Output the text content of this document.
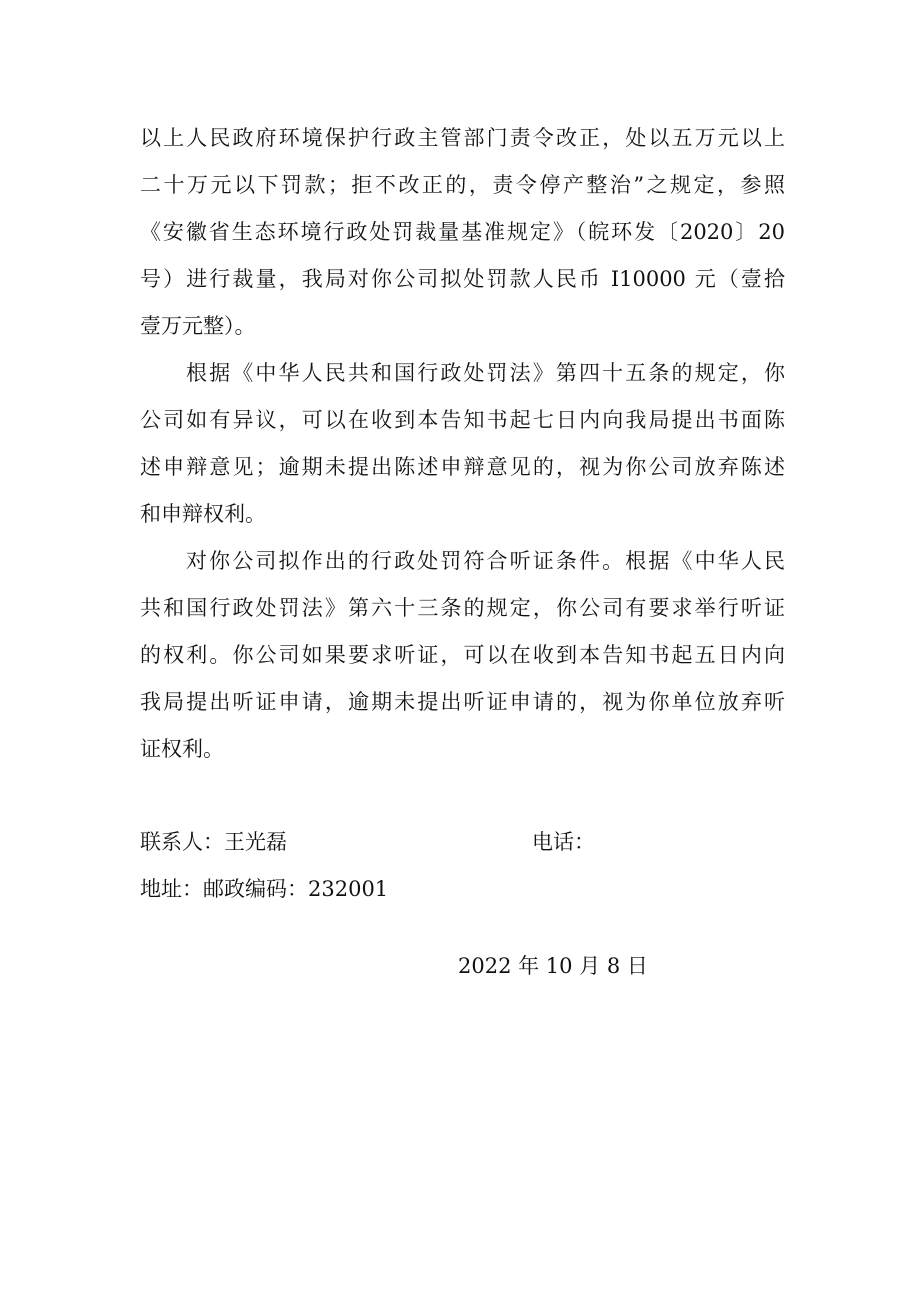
以上人民政府环境保护行政主管部门责令改正，处以五万元以上
二十万元以下罚款；拒不改正的，责令停产整治”之规定，参照
《安徽省生态环境行政处罚裁量基准规定》（皖环发〔2020〕20
号）进行裁量，我局对你公司拟处罚款人民币 I10000 元（壹拾
壹万元整）。
根据《中华人民共和国行政处罚法》第四十五条的规定，你
公司如有异议，可以在收到本告知书起七日内向我局提出书面陈
述申辩意见；逾期未提出陈述申辩意见的，视为你公司放弃陈述
和申辩权利。
对你公司拟作出的行政处罚符合听证条件。根据《中华人民
共和国行政处罚法》第六十三条的规定，你公司有要求举行听证
的权利。你公司如果要求听证，可以在收到本告知书起五日内向
我局提出听证申请，逾期未提出听证申请的，视为你单位放弃听
证权利。
联系人：王光磊	电话：
地址：邮政编码：232001
2022 年 10 月 8 日
